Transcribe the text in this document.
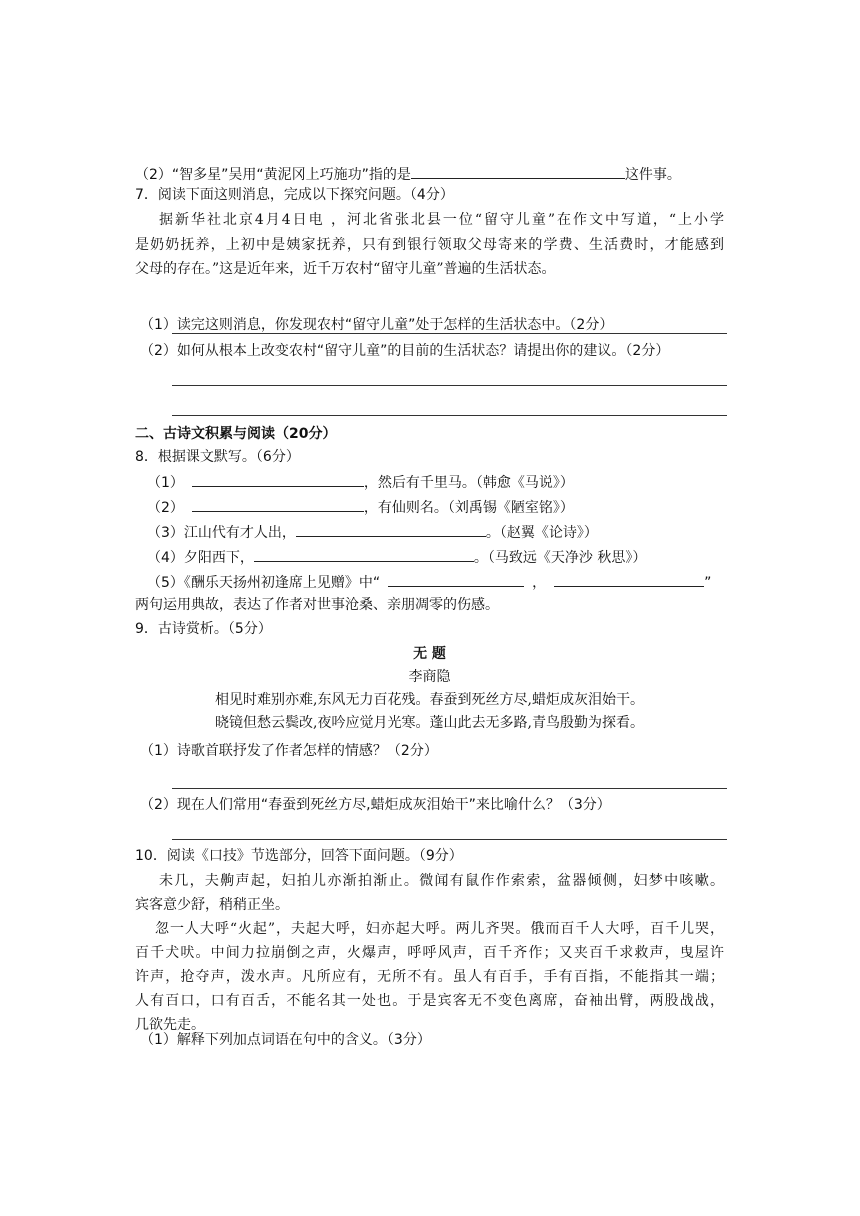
（2）“智多星”吴用“黄泥冈上巧施功”指的是	这件事。
7．阅读下面这则消息，完成以下探究问题。（4分）
据新华社北京4月4日电 ，河北省张北县一位“留守儿童”在作文中写道，“上小学
是奶奶抚养，上初中是姨家抚养，只有到银行领取父母寄来的学费、生活费时，才能感到
父母的存在。”这是近年来，近千万农村“留守儿童”普遍的生活状态。
（1）读完这则消息，你发现农村“留守儿童”处于怎样的生活状态中。（2分）
（2）如何从根本上改变农村“留守儿童”的目前的生活状态？请提出你的建议。（2分）
二、古诗文积累与阅读（20分）
8．根据课文默写。（6分）
（1）	，然后有千里马。（韩愈《马说》）
（2）	，有仙则名。（刘禹锡《陋室铭》）
（3）江山代有才人出，	。（赵翼《论诗》）
（4）夕阳西下，	。（马致远《天净沙 秋思》）
（5）《酬乐天扬州初逢席上见赠》中“	，	”
两句运用典故，表达了作者对世事沧桑、亲朋凋零的伤感。
9．古诗赏析。（5分）
无 题
李商隐
相见时难别亦难,东风无力百花残。春蚕到死丝方尽,蜡炬成灰泪始干。
晓镜但愁云鬓改,夜吟应觉月光寒。蓬山此去无多路,青鸟殷勤为探看。
（1）诗歌首联抒发了作者怎样的情感？（2分）
（2）现在人们常用“春蚕到死丝方尽,蜡炬成灰泪始干”来比喻什么？（3分）
10．阅读《口技》节选部分，回答下面问题。（9分）
未几，夫齁声起，妇拍儿亦渐拍渐止。微闻有鼠作作索索，盆器倾侧，妇梦中咳嗽。
宾客意少舒，稍稍正坐。
忽一人大呼“火起”，夫起大呼，妇亦起大呼。两儿齐哭。俄而百千人大呼，百千儿哭，
百千犬吠。中间力拉崩倒之声，火爆声，呼呼风声，百千齐作；又夹百千求救声，曳屋许
许声，抢夺声，泼水声。凡所应有，无所不有。虽人有百手，手有百指，不能指其一端；
人有百口，口有百舌，不能名其一处也。于是宾客无不变色离席，奋袖出臂，两股战战，
几欲先走。
（1）解释下列加点词语在句中的含义。（3分）
